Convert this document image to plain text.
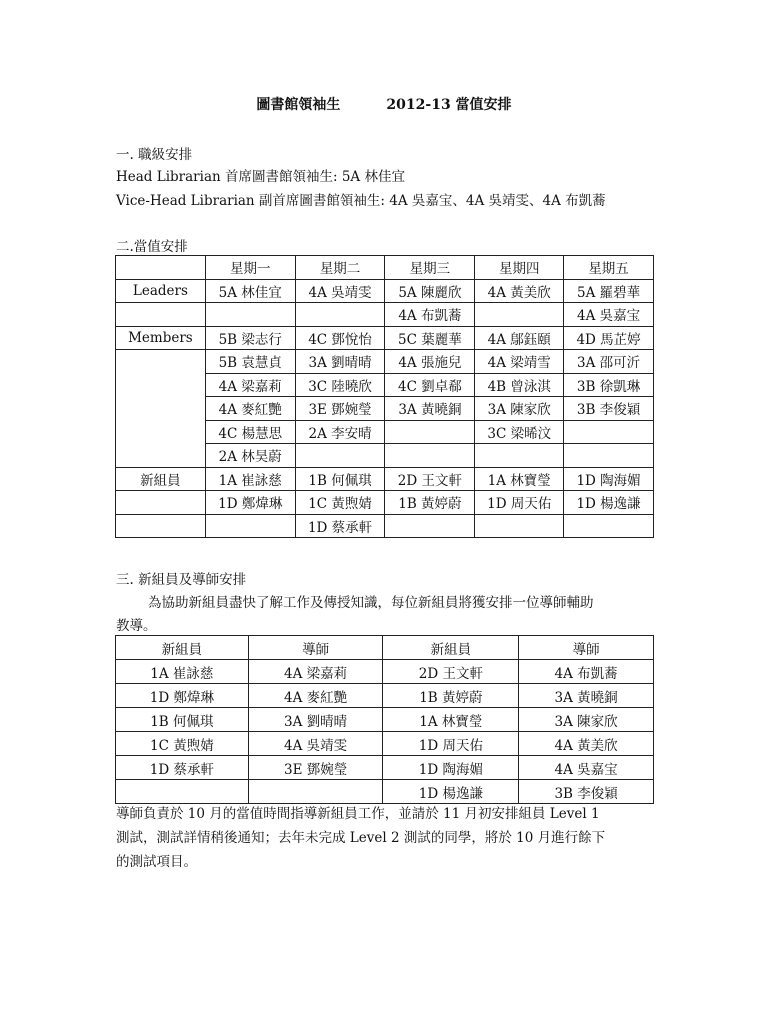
圖書館領袖生	2012-13 當值安排
一. 職級安排
Head Librarian 首席圖書館領袖生: 5A 林佳宜
Vice-Head Librarian 副首席圖書館領袖生: 4A 吳嘉宝、4A 吳靖雯、4A 布凱蕎
二.當值安排
	星期一	星期二	星期三	星期四	星期五
Leaders	5A 林佳宜	4A 吳靖雯	5A 陳麗欣	4A 黃美欣	5A 羅碧華
			4A 布凱蕎		4A 吳嘉宝
Members	5B 梁志行	4C 鄧悅怡	5C 葉麗華	4A 鄔鈺頤	4D 馬芷婷
	5B 袁慧貞	3A 劉晴晴	4A 張施兒	4A 梁靖雪	3A 邵可沂
	4A 梁嘉莉	3C 陸曉欣	4C 劉卓郗	4B 曾泳淇	3B 徐凱琳
	4A 麥紅艷	3E 鄧婉瑩	3A 黃曉銅	3A 陳家欣	3B 李俊穎
	4C 楊慧思	2A 李安晴		3C 梁晞汶	
	2A 林昊蔚				
新組員	1A 崔詠慈	1B 何佩琪	2D 王文軒	1A 林寶瑩	1D 陶海媚
	1D 鄭煒琳	1C 黃煦婧	1B 黃婷蔚	1D 周天佑	1D 楊逸謙
		1D 蔡承軒			
三. 新組員及導師安排
為協助新組員盡快了解工作及傳授知識，每位新組員將獲安排一位導師輔助
教導。
新組員	導師	新組員	導師
1A 崔詠慈	4A 梁嘉莉	2D 王文軒	4A 布凱蕎
1D 鄭煒琳	4A 麥紅艷	1B 黃婷蔚	3A 黃曉銅
1B 何佩琪	3A 劉晴晴	1A 林寶瑩	3A 陳家欣
1C 黃煦婧	4A 吳靖雯	1D 周天佑	4A 黃美欣
1D 蔡承軒	3E 鄧婉瑩	1D 陶海媚	4A 吳嘉宝
		1D 楊逸謙	3B 李俊穎
導師負責於 10 月的當值時間指導新組員工作，並請於 11 月初安排組員 Level 1
測試，測試詳情稍後通知；去年未完成 Level 2 測試的同學，將於 10 月進行餘下
的測試項目。
